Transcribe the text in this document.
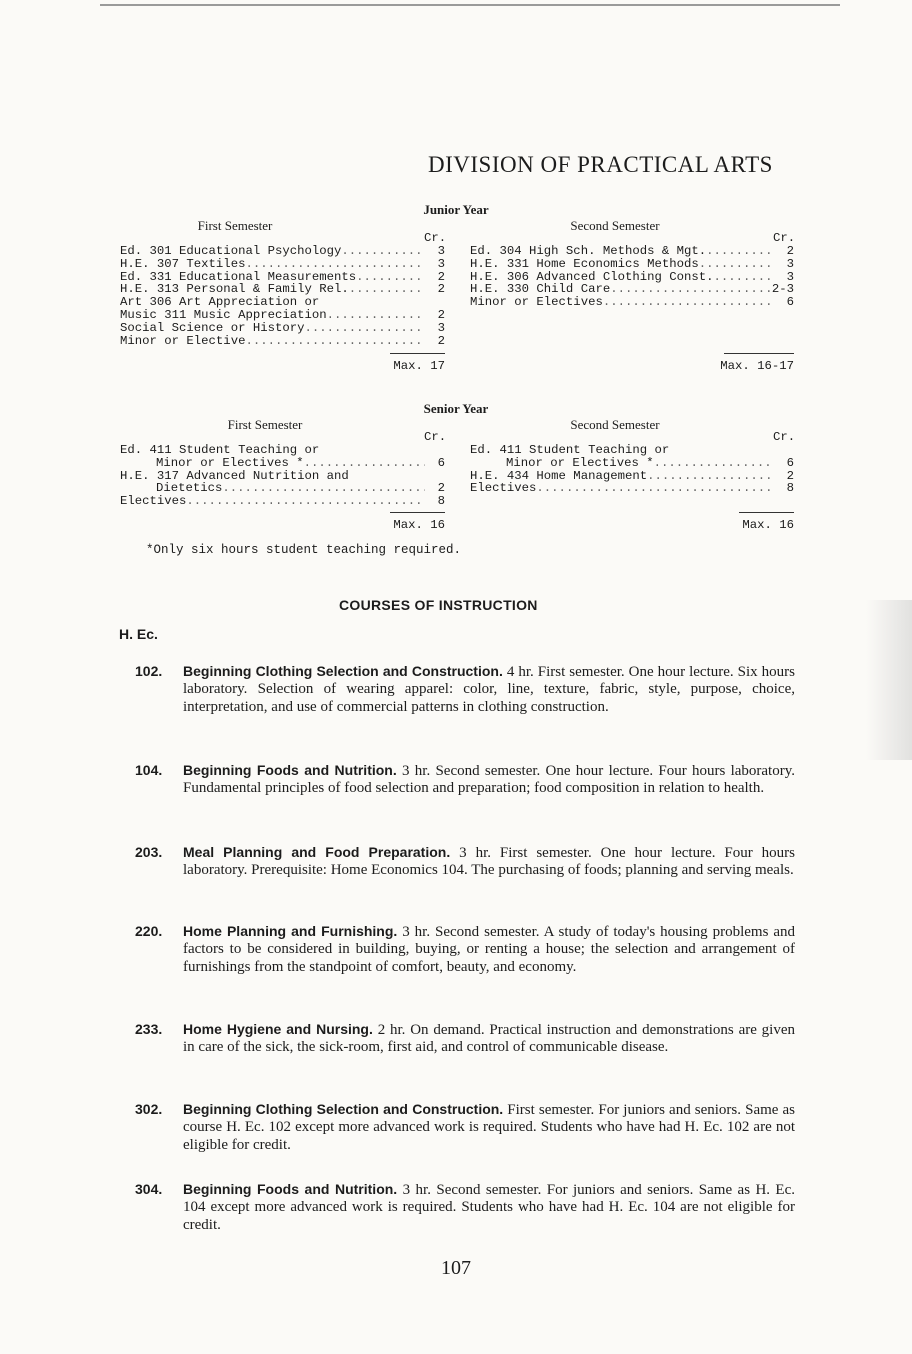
DIVISION OF PRACTICAL ARTS
Junior Year
First Semester
Cr.
Ed. 301 Educational Psychology .....	3
H.E. 307 Textiles .....	3
Ed. 331 Educational Measurements .....	2
H.E. 313 Personal & Family Rel. .....	2
Art 306 Art Appreciation or
Music 311 Music Appreciation .....	2
Social Science or History .....	3
Minor or Elective .....	2
Max. 17
Second Semester
Cr.
Ed. 304 High Sch. Methods & Mgt. .....	2
H.E. 331 Home Economics Methods .....	3
H.E. 306 Advanced Clothing Const. .....	3
H.E. 330 Child Care .....	2-3
Minor or Electives .....	6
Max. 16-17
Senior Year
First Semester
Cr.
Ed. 411 Student Teaching or
Minor or Electives * .....	6
H.E. 317 Advanced Nutrition and
Dietetics .....	2
Electives .....	8
Max. 16
Second Semester
Cr.
Ed. 411 Student Teaching or
Minor or Electives * .....	6
H.E. 434 Home Management .....	2
Electives .....	8
Max. 16
*Only six hours student teaching required.
COURSES OF INSTRUCTION
H. Ec.
102. Beginning Clothing Selection and Construction. 4 hr. First semester. One hour lecture. Six hours laboratory. Selection of wearing apparel: color, line, texture, fabric, style, purpose, choice, interpretation, and use of commercial patterns in clothing construction.
104. Beginning Foods and Nutrition. 3 hr. Second semester. One hour lecture. Four hours laboratory. Fundamental principles of food selection and preparation; food composition in relation to health.
203. Meal Planning and Food Preparation. 3 hr. First semester. One hour lecture. Four hours laboratory. Prerequisite: Home Economics 104. The purchasing of foods; planning and serving meals.
220. Home Planning and Furnishing. 3 hr. Second semester. A study of today's housing problems and factors to be considered in building, buying, or renting a house; the selection and arrangement of furnishings from the standpoint of comfort, beauty, and economy.
233. Home Hygiene and Nursing. 2 hr. On demand. Practical instruction and demonstrations are given in care of the sick, the sick-room, first aid, and control of communicable disease.
302. Beginning Clothing Selection and Construction. First semester. For juniors and seniors. Same as course H. Ec. 102 except more advanced work is required. Students who have had H. Ec. 102 are not eligible for credit.
304. Beginning Foods and Nutrition. 3 hr. Second semester. For juniors and seniors. Same as H. Ec. 104 except more advanced work is required. Students who have had H. Ec. 104 are not eligible for credit.
107
